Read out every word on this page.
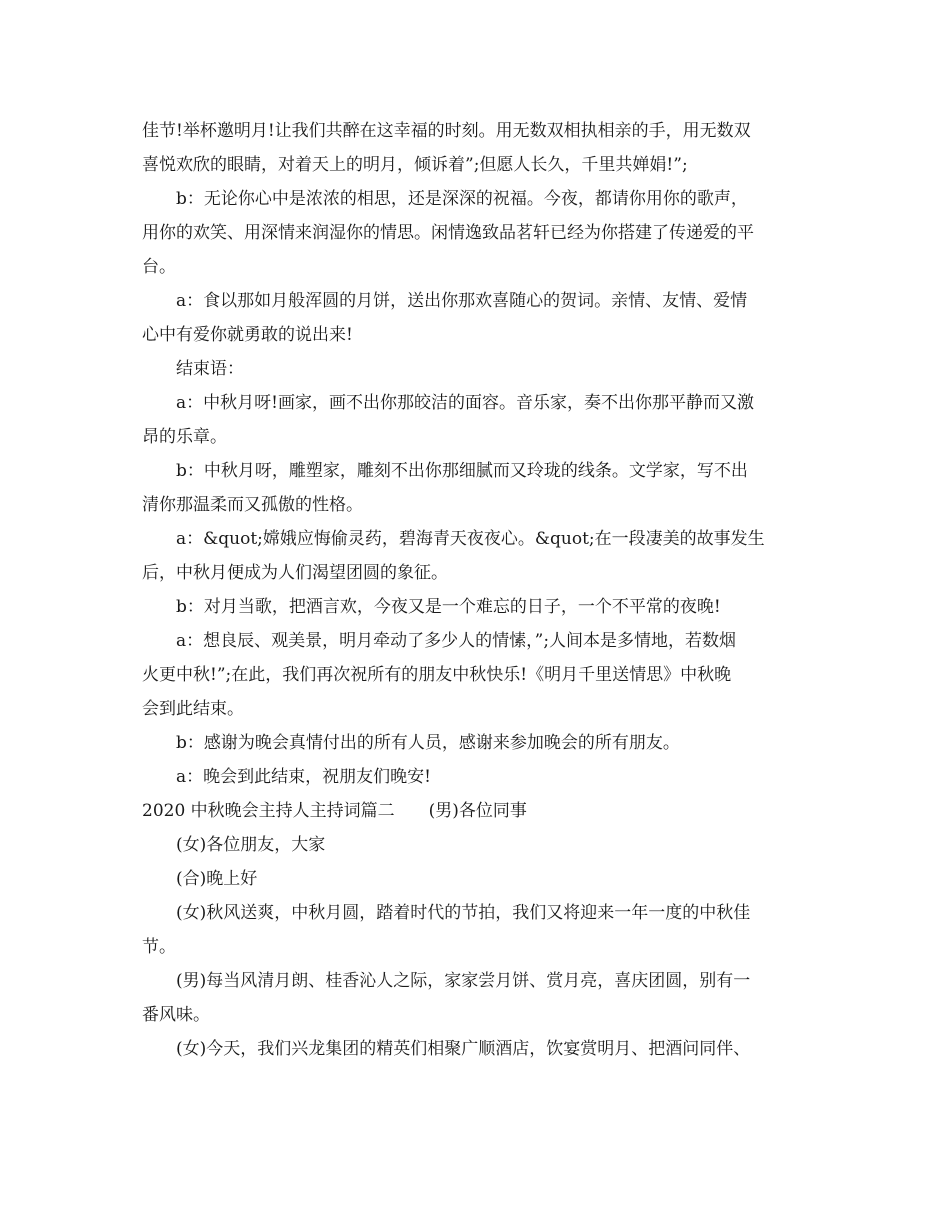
佳节!举杯邀明月!让我们共醉在这幸福的时刻。用无数双相执相亲的手，用无数双
喜悦欢欣的眼睛，对着天上的明月，倾诉着”;但愿人长久，千里共婵娟!”;
b：无论你心中是浓浓的相思，还是深深的祝福。今夜，都请你用你的歌声，
用你的欢笑、用深情来润湿你的情思。闲情逸致品茗轩已经为你搭建了传递爱的平
台。
a：食以那如月般浑圆的月饼，送出你那欢喜随心的贺词。亲情、友情、爱情
心中有爱你就勇敢的说出来!
结束语：
a：中秋月呀!画家，画不出你那皎洁的面容。音乐家，奏不出你那平静而又激
昂的乐章。
b：中秋月呀，雕塑家，雕刻不出你那细腻而又玲珑的线条。文学家，写不出
清你那温柔而又孤傲的性格。
a：&quot;嫦娥应悔偷灵药，碧海青天夜夜心。&quot;在一段凄美的故事发生
后，中秋月便成为人们渴望团圆的象征。
b：对月当歌，把酒言欢，今夜又是一个难忘的日子，一个不平常的夜晚!
a：想良辰、观美景，明月牵动了多少人的情愫，”;人间本是多情地，若数烟
火更中秋!”;在此，我们再次祝所有的朋友中秋快乐!《明月千里送情思》中秋晚
会到此结束。
b：感谢为晚会真情付出的所有人员，感谢来参加晚会的所有朋友。
a：晚会到此结束，祝朋友们晚安!
2020 中秋晚会主持人主持词篇二　　(男)各位同事
(女)各位朋友，大家
(合)晚上好
(女)秋风送爽，中秋月圆，踏着时代的节拍，我们又将迎来一年一度的中秋佳
节。
(男)每当风清月朗、桂香沁人之际，家家尝月饼、赏月亮，喜庆团圆，别有一
番风味。
(女)今天，我们兴龙集团的精英们相聚广顺酒店，饮宴赏明月、把酒问同伴、
